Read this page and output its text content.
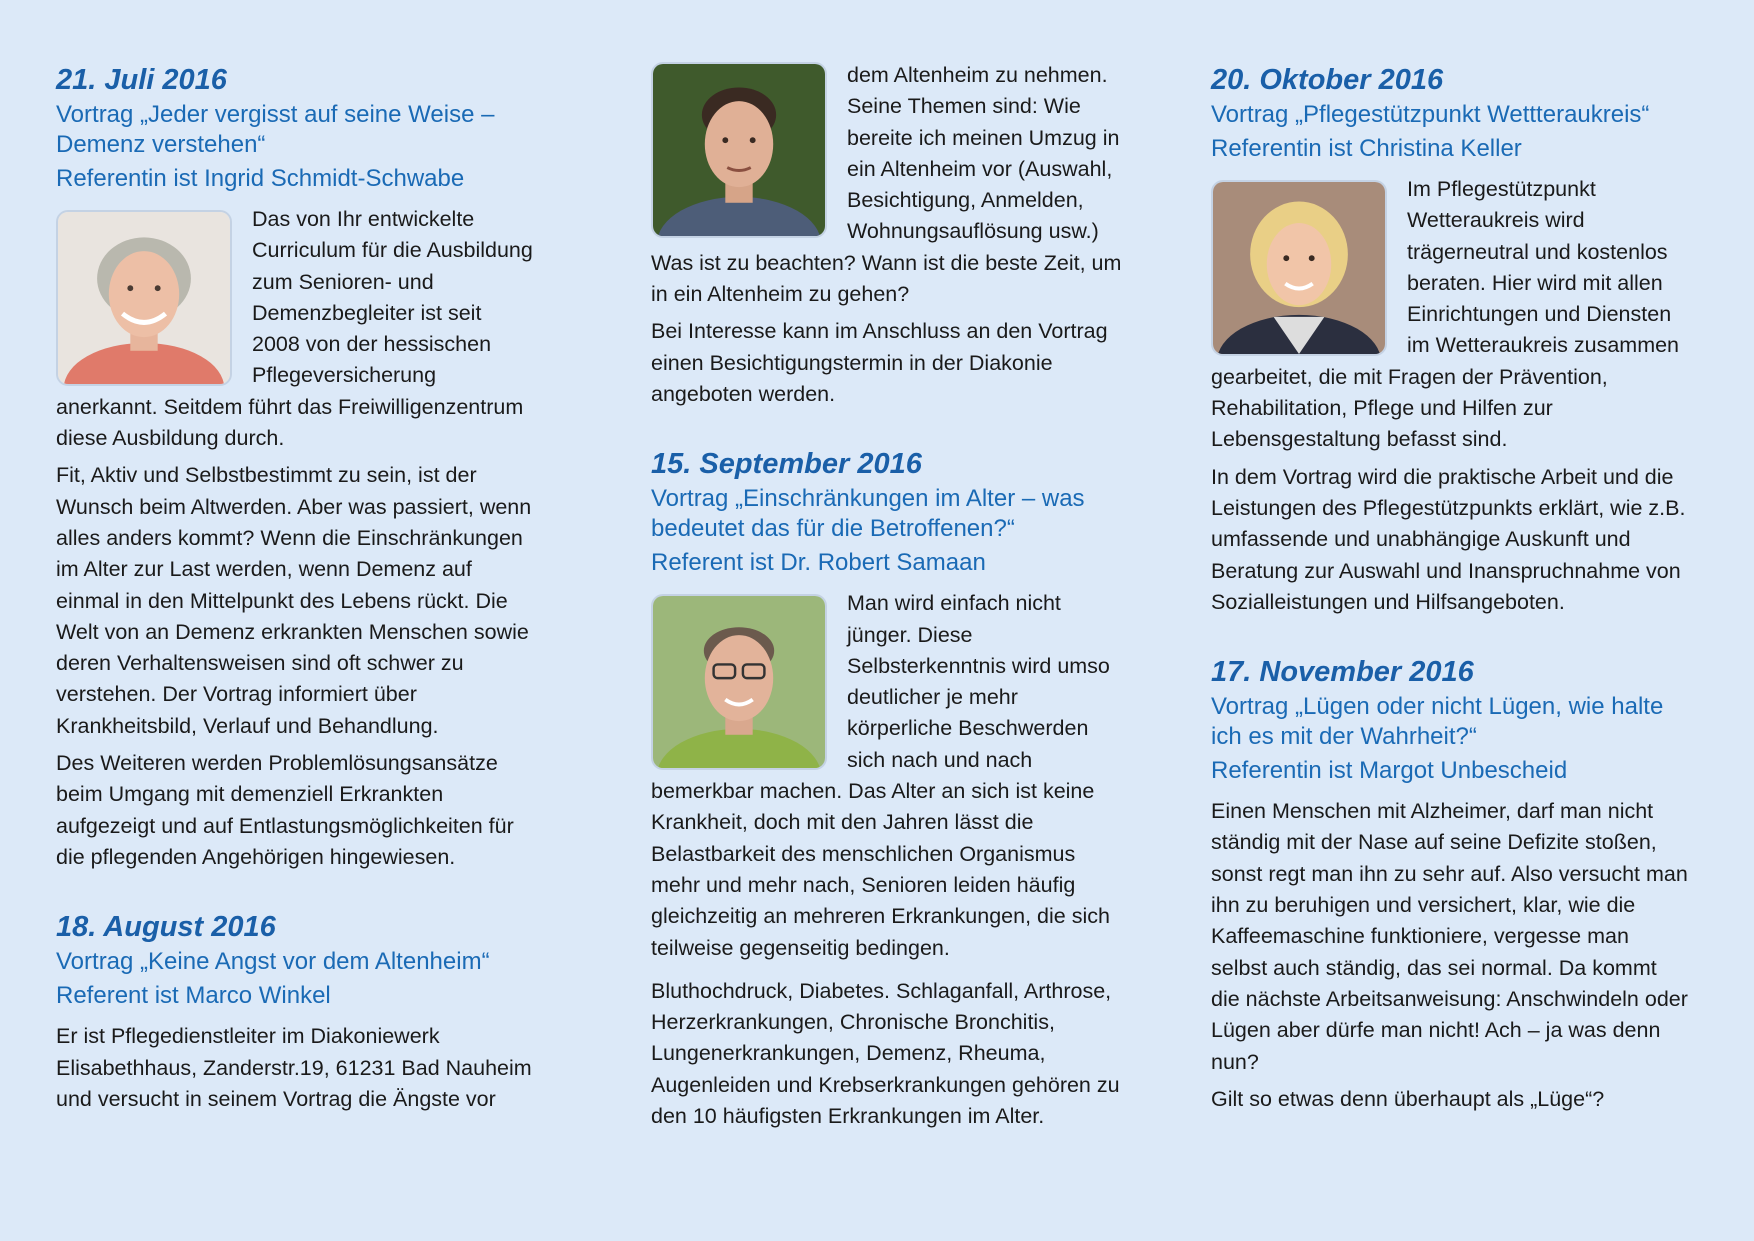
21. Juli 2016
Vortrag „Jeder vergisst auf seine Weise – Demenz verstehen“
Referentin ist Ingrid Schmidt-Schwabe

Das von Ihr entwickelte Curriculum für die Ausbildung zum Senioren- und Demenzbegleiter ist seit 2008 von der hessischen Pflegeversicherung anerkannt. Seitdem führt das Freiwilligenzentrum diese Ausbildung durch.

Fit, Aktiv und Selbstbestimmt zu sein, ist der Wunsch beim Altwerden. Aber was passiert, wenn alles anders kommt? Wenn die Einschränkungen im Alter zur Last werden, wenn Demenz auf einmal in den Mittelpunkt des Lebens rückt. Die Welt von an Demenz erkrankten Menschen sowie deren Verhaltensweisen sind oft schwer zu verstehen. Der Vortrag informiert über Krankheitsbild, Verlauf und Behandlung.

Des Weiteren werden Problemlösungsansätze beim Umgang mit demenziell Erkrankten aufgezeigt und auf Entlastungsmöglichkeiten für die pflegenden Angehörigen hingewiesen.

18. August 2016
Vortrag „Keine Angst vor dem Altenheim“
Referent ist Marco Winkel

Er ist Pflegedienstleiter im Diakoniewerk Elisabethhaus, Zanderstr.19, 61231 Bad Nauheim und versucht in seinem Vortrag die Ängste vor

dem Altenheim zu nehmen. Seine Themen sind: Wie bereite ich meinen Umzug in ein Altenheim vor (Auswahl, Besichtigung, Anmelden, Wohnungsauflösung usw.) Was ist zu beachten? Wann ist die beste Zeit, um in ein Altenheim zu gehen?

Bei Interesse kann im Anschluss an den Vortrag einen Besichtigungstermin in der Diakonie angeboten werden.

15. September 2016
Vortrag „Einschränkungen im Alter – was bedeutet das für die Betroffenen?“
Referent ist Dr. Robert Samaan

Man wird einfach nicht jünger. Diese Selbsterkenntnis wird umso deutlicher je mehr körperliche Beschwerden sich nach und nach bemerkbar machen. Das Alter an sich ist keine Krankheit, doch mit den Jahren lässt die Belastbarkeit des menschlichen Organismus mehr und mehr nach, Senioren leiden häufig gleichzeitig an mehreren Erkrankungen, die sich teilweise gegenseitig bedingen.

Bluthochdruck, Diabetes. Schlaganfall, Arthrose, Herzerkrankungen, Chronische Bronchitis, Lungenerkrankungen, Demenz, Rheuma, Augenleiden und Krebserkrankungen gehören zu den 10 häufigsten Erkrankungen im Alter.

20. Oktober 2016
Vortrag „Pflegestützpunkt Wettteraukreis“
Referentin ist Christina Keller

Im Pflegestützpunkt Wetteraukreis wird trägerneutral und kostenlos beraten. Hier wird mit allen Einrichtungen und Diensten im Wetteraukreis zusammen gearbeitet, die mit Fragen der Prävention, Rehabilitation, Pflege und Hilfen zur Lebensgestaltung befasst sind.

In dem Vortrag wird die praktische Arbeit und die Leistungen des Pflegestützpunkts erklärt, wie z.B. umfassende und unabhängige Auskunft und Beratung zur Auswahl und Inanspruchnahme von Sozialleistungen und Hilfsangeboten.

17. November 2016
Vortrag „Lügen oder nicht Lügen, wie halte ich es mit der Wahrheit?“
Referentin ist Margot Unbescheid

Einen Menschen mit Alzheimer, darf man nicht ständig mit der Nase auf seine Defizite stoßen, sonst regt man ihn zu sehr auf. Also versucht man ihn zu beruhigen und versichert, klar, wie die Kaffeemaschine funktioniere, vergesse man selbst auch ständig, das sei normal. Da kommt die nächste Arbeitsanweisung: Anschwindeln oder Lügen aber dürfe man nicht! Ach – ja was denn nun?

Gilt so etwas denn überhaupt als „Lüge“?
